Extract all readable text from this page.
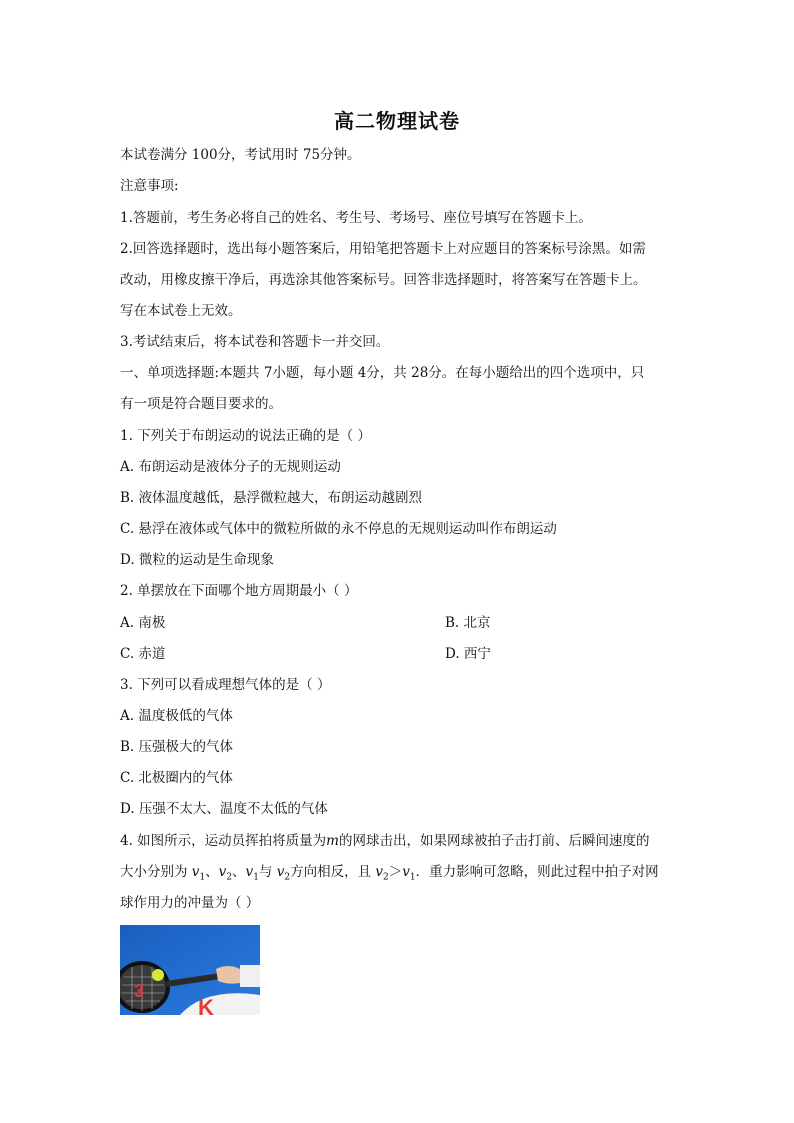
高二物理试卷
本试卷满分 100分，考试用时 75分钟。
注意事项:
1.答题前，考生务必将自己的姓名、考生号、考场号、座位号填写在答题卡上。
2.回答选择题时，选出每小题答案后，用铅笔把答题卡上对应题目的答案标号涂黑。如需
改动，用橡皮擦干净后，再选涂其他答案标号。回答非选择题时，将答案写在答题卡上。
写在本试卷上无效。
3.考试结束后，将本试卷和答题卡一并交回。
一、单项选择题:本题共 7小题，每小题 4分，共 28分。在每小题给出的四个选项中，只
有一项是符合题目要求的。
1. 下列关于布朗运动的说法正确的是（ ）
A. 布朗运动是液体分子的无规则运动
B. 液体温度越低，悬浮微粒越大，布朗运动越剧烈
C. 悬浮在液体或气体中的微粒所做的永不停息的无规则运动叫作布朗运动
D. 微粒的运动是生命现象
2. 单摆放在下面哪个地方周期最小（ ）
A. 南极	B. 北京
C. 赤道	D. 西宁
3. 下列可以看成理想气体的是（ ）
A. 温度极低的气体
B. 压强极大的气体
C. 北极圈内的气体
D. 压强不太大、温度不太低的气体
4. 如图所示，运动员挥拍将质量为m的网球击出，如果网球被拍子击打前、后瞬间速度的
大小分别为 $v_1$、$v_2$、$v_1$与 $v_2$方向相反，且 $v_2>v_1$．重力影响可忽略，则此过程中拍子对网
球作用力的冲量为（ ）
K
3
